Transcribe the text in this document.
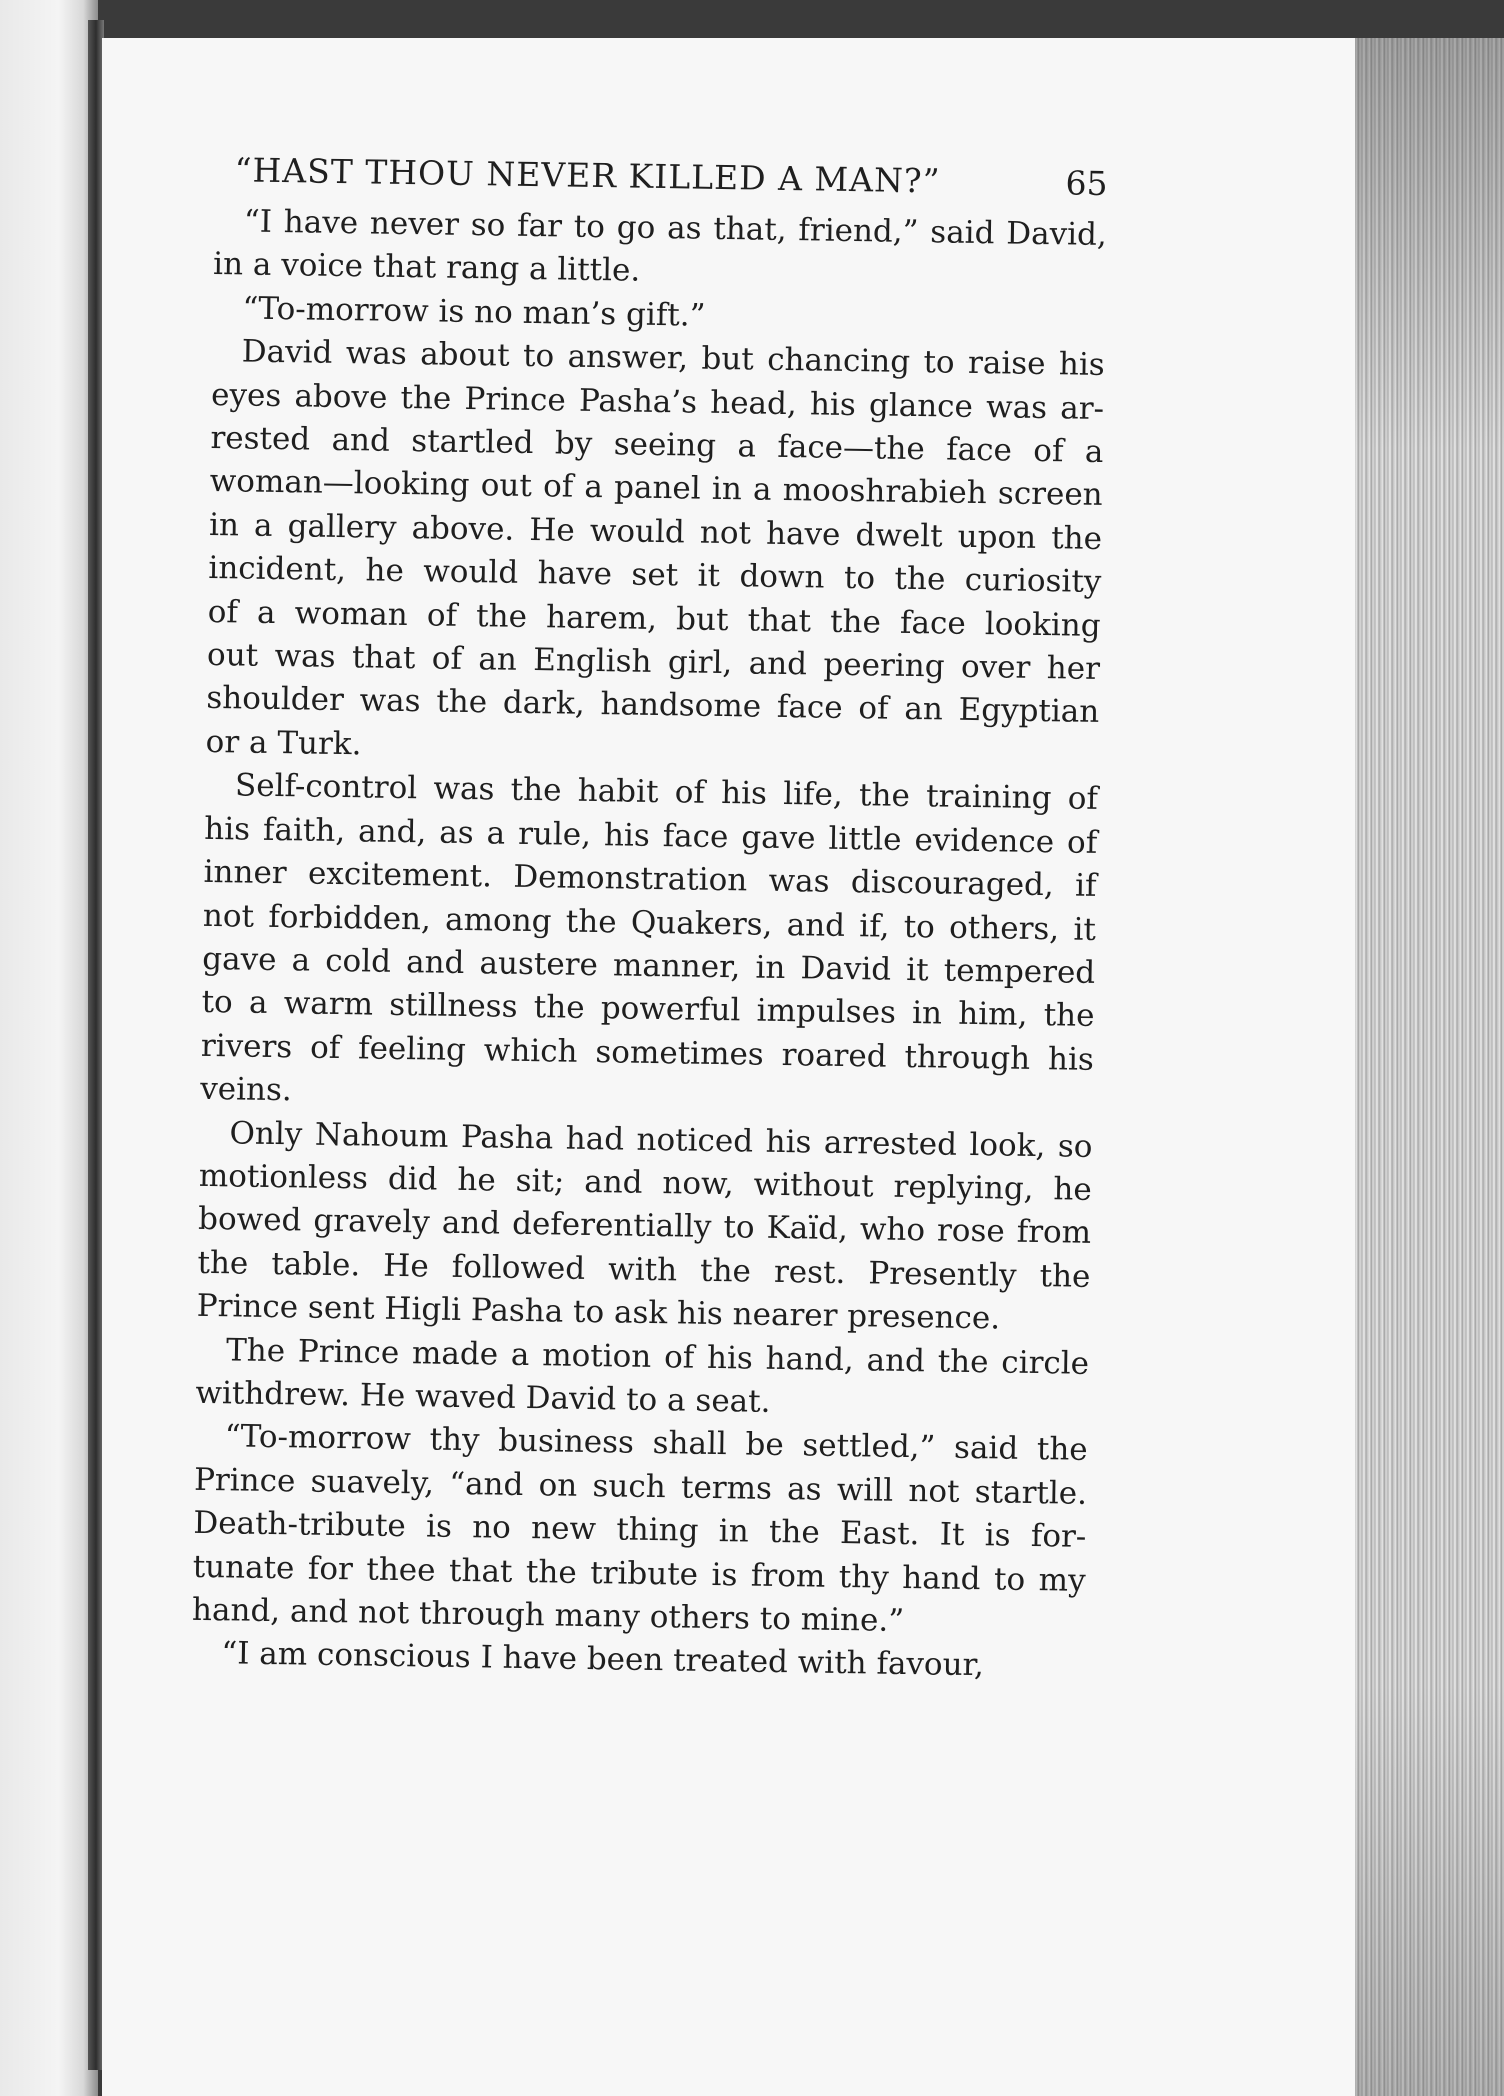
“HAST THOU NEVER KILLED A MAN?”	65

“I have never so far to go as that, friend,” said David,
in a voice that rang a little.

“To-morrow is no man’s gift.”

David was about to answer, but chancing to raise his
eyes above the Prince Pasha’s head, his glance was ar-
rested and startled by seeing a face—the face of a
woman—looking out of a panel in a mooshrabieh screen
in a gallery above. He would not have dwelt upon the
incident, he would have set it down to the curiosity
of a woman of the harem, but that the face looking
out was that of an English girl, and peering over her
shoulder was the dark, handsome face of an Egyptian
or a Turk.

Self-control was the habit of his life, the training of
his faith, and, as a rule, his face gave little evidence of
inner excitement. Demonstration was discouraged, if
not forbidden, among the Quakers, and if, to others, it
gave a cold and austere manner, in David it tempered
to a warm stillness the powerful impulses in him, the
rivers of feeling which sometimes roared through his
veins.

Only Nahoum Pasha had noticed his arrested look, so
motionless did he sit; and now, without replying, he
bowed gravely and deferentially to Kaïd, who rose from
the table. He followed with the rest. Presently the
Prince sent Higli Pasha to ask his nearer presence.

The Prince made a motion of his hand, and the circle
withdrew. He waved David to a seat.

“To-morrow thy business shall be settled,” said the
Prince suavely, “and on such terms as will not startle.
Death-tribute is no new thing in the East. It is for-
tunate for thee that the tribute is from thy hand to my
hand, and not through many others to mine.”

“I am conscious I have been treated with favour,
